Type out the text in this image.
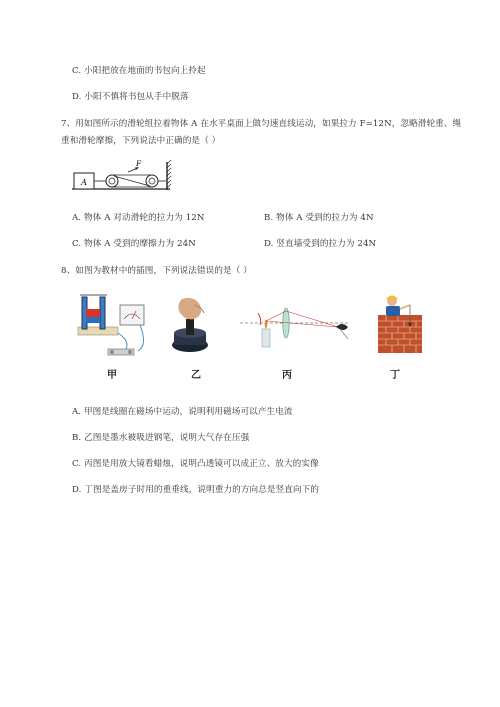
C. 小阳把放在地面的书包向上拎起
D. 小阳不慎将书包从手中脱落
7、用如图所示的滑轮组拉着物体 A 在水平桌面上做匀速直线运动，如果拉力 F=12N，忽略滑轮重、绳
重和滑轮摩擦，下列说法中正确的是（ ）
A
F
A. 物体 A 对动滑轮的拉力为 12N	B. 物体 A 受到的拉力为 4N
C. 物体 A 受到的摩擦力为 24N	D. 竖直墙受到的拉力为 24N
8、如图为教材中的插图，下列说法错误的是（ ）
甲	乙	丙	丁
A. 甲图是线圈在磁场中运动，说明利用磁场可以产生电流
B. 乙图是墨水被吸进钢笔，说明大气存在压强
C. 丙图是用放大镜看蜡烛，说明凸透镜可以成正立、放大的实像
D. 丁图是盖房子时用的重垂线，说明重力的方向总是竖直向下的
